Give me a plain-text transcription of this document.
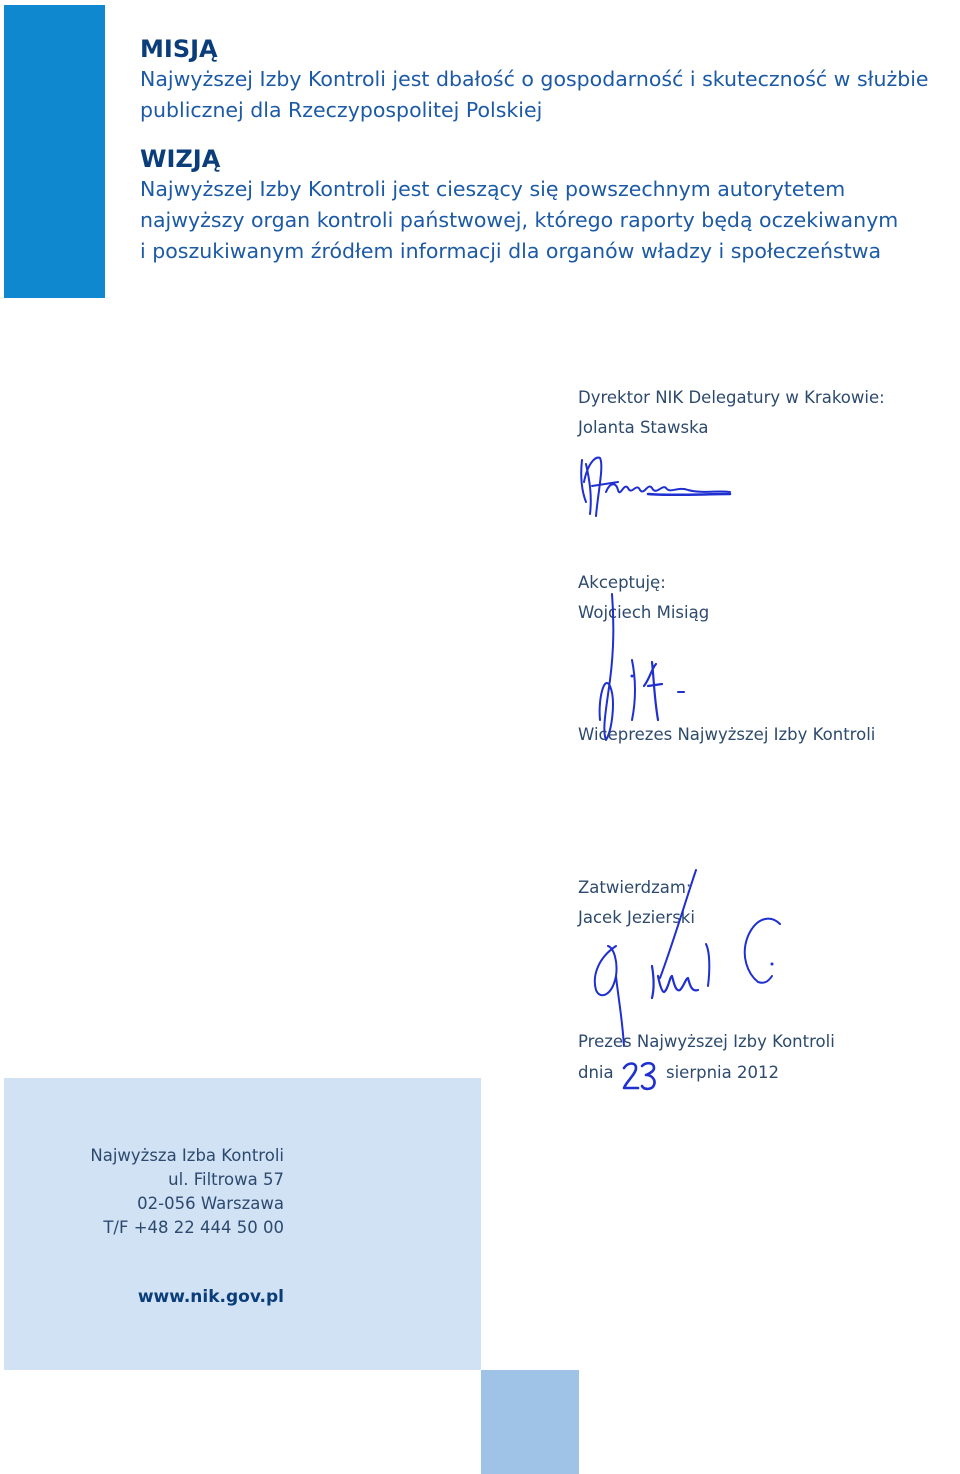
MISJĄ

Najwyższej Izby Kontroli jest dbałość o gospodarność i skuteczność w służbie

publicznej dla Rzeczypospolitej Polskiej

WIZJĄ

Najwyższej Izby Kontroli jest cieszący się powszechnym autorytetem

najwyższy organ kontroli państwowej, którego raporty będą oczekiwanym

i poszukiwanym źródłem informacji dla organów władzy i społeczeństwa

Dyrektor NIK Delegatury w Krakowie:
Jolanta Stawska
Akceptuję:
Wojciech Misiąg
Wiceprezes Najwyższej Izby Kontroli
Zatwierdzam:
Jacek Jezierski
Prezes Najwyższej Izby Kontroli
dnia	sierpnia 2012
Najwyższa Izba Kontroli
ul. Filtrowa 57
02-056 Warszawa
T/F +48 22 444 50 00
www.nik.gov.pl
